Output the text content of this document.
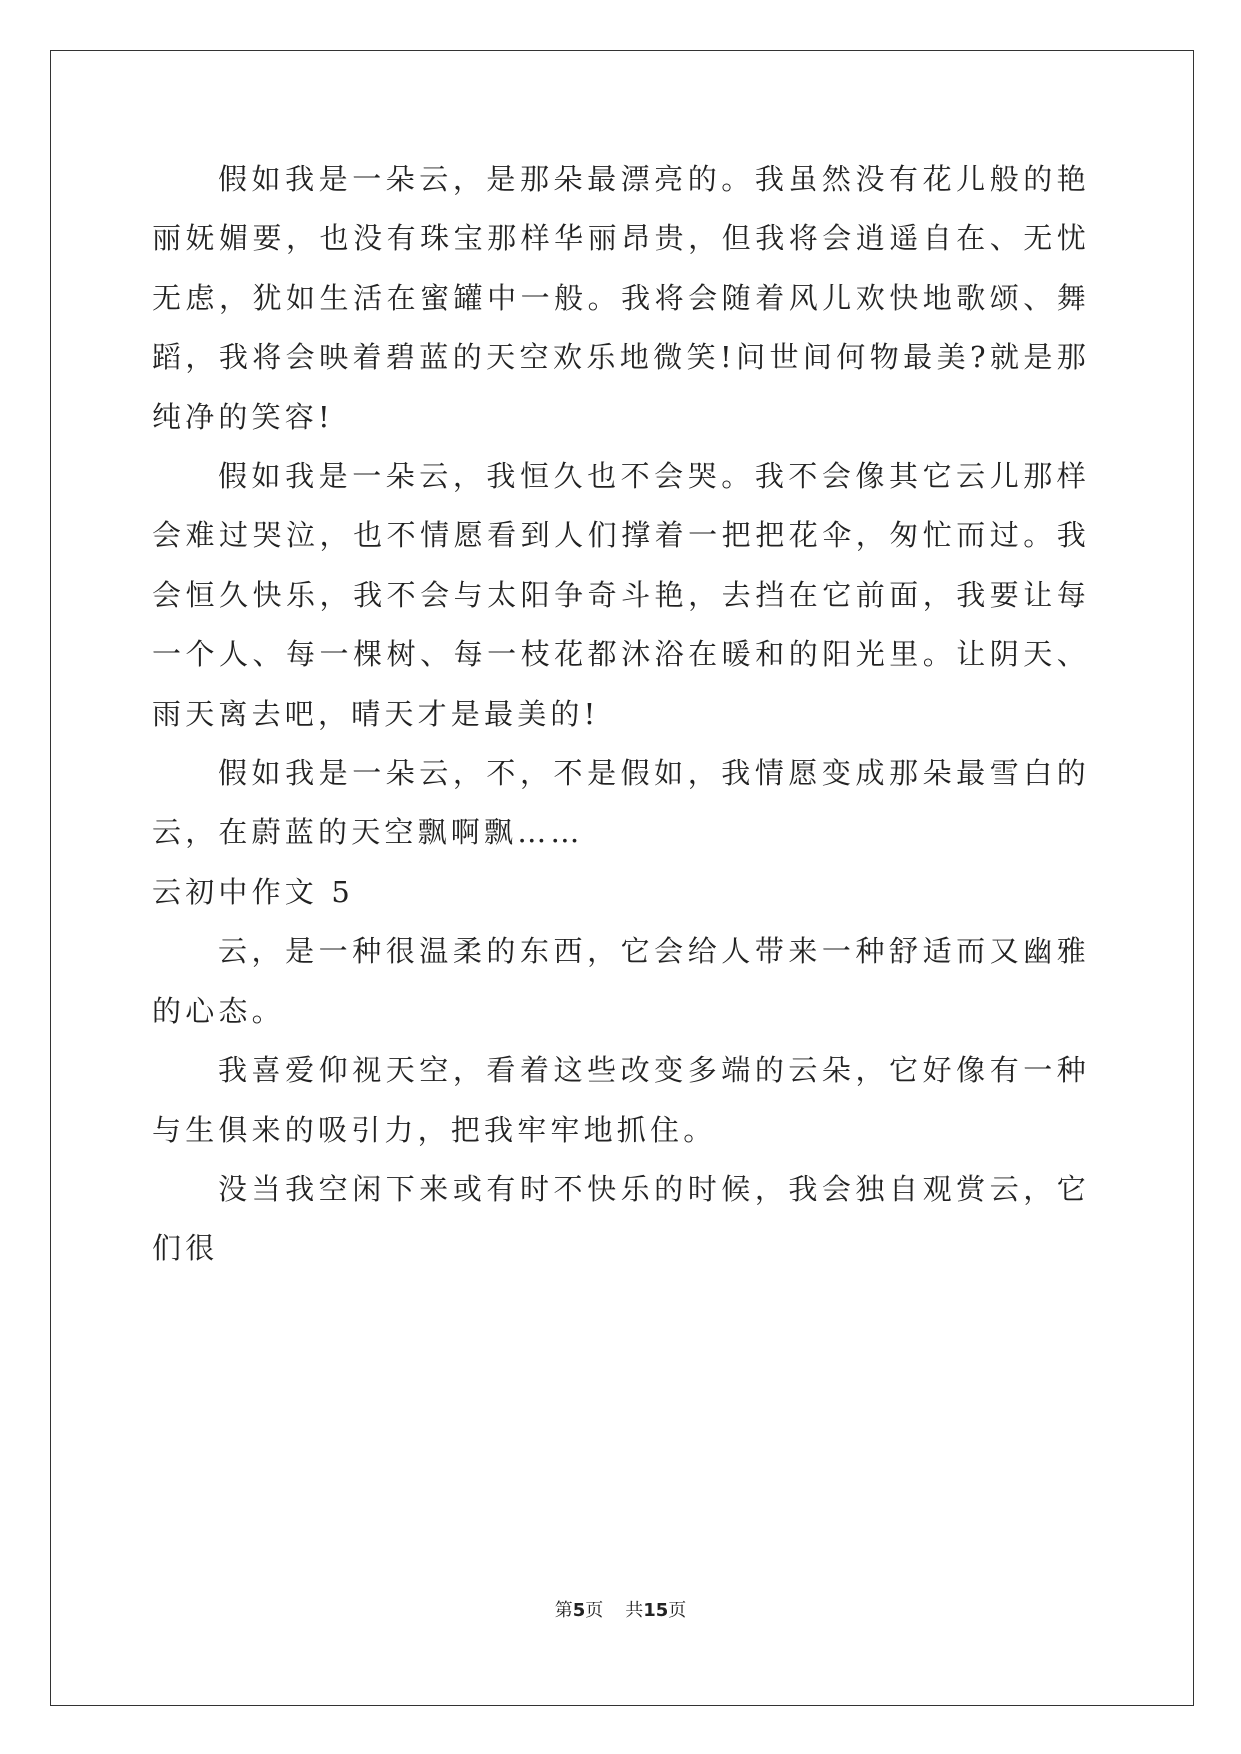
假如我是一朵云，是那朵最漂亮的。我虽然没有花儿般的艳丽妩媚要，也没有珠宝那样华丽昂贵，但我将会逍遥自在、无忧无虑，犹如生活在蜜罐中一般。我将会随着风儿欢快地歌颂、舞蹈，我将会映着碧蓝的天空欢乐地微笑!问世间何物最美?就是那纯净的笑容!

假如我是一朵云，我恒久也不会哭。我不会像其它云儿那样会难过哭泣，也不情愿看到人们撑着一把把花伞，匆忙而过。我会恒久快乐，我不会与太阳争奇斗艳，去挡在它前面，我要让每一个人、每一棵树、每一枝花都沐浴在暖和的阳光里。让阴天、雨天离去吧，晴天才是最美的!

假如我是一朵云，不，不是假如，我情愿变成那朵最雪白的云，在蔚蓝的天空飘啊飘……

云初中作文 5

云，是一种很温柔的东西，它会给人带来一种舒适而又幽雅的心态。

我喜爱仰视天空，看着这些改变多端的云朵，它好像有一种与生俱来的吸引力，把我牢牢地抓住。

没当我空闲下来或有时不快乐的时候，我会独自观赏云，它们很

第5页 共15页
